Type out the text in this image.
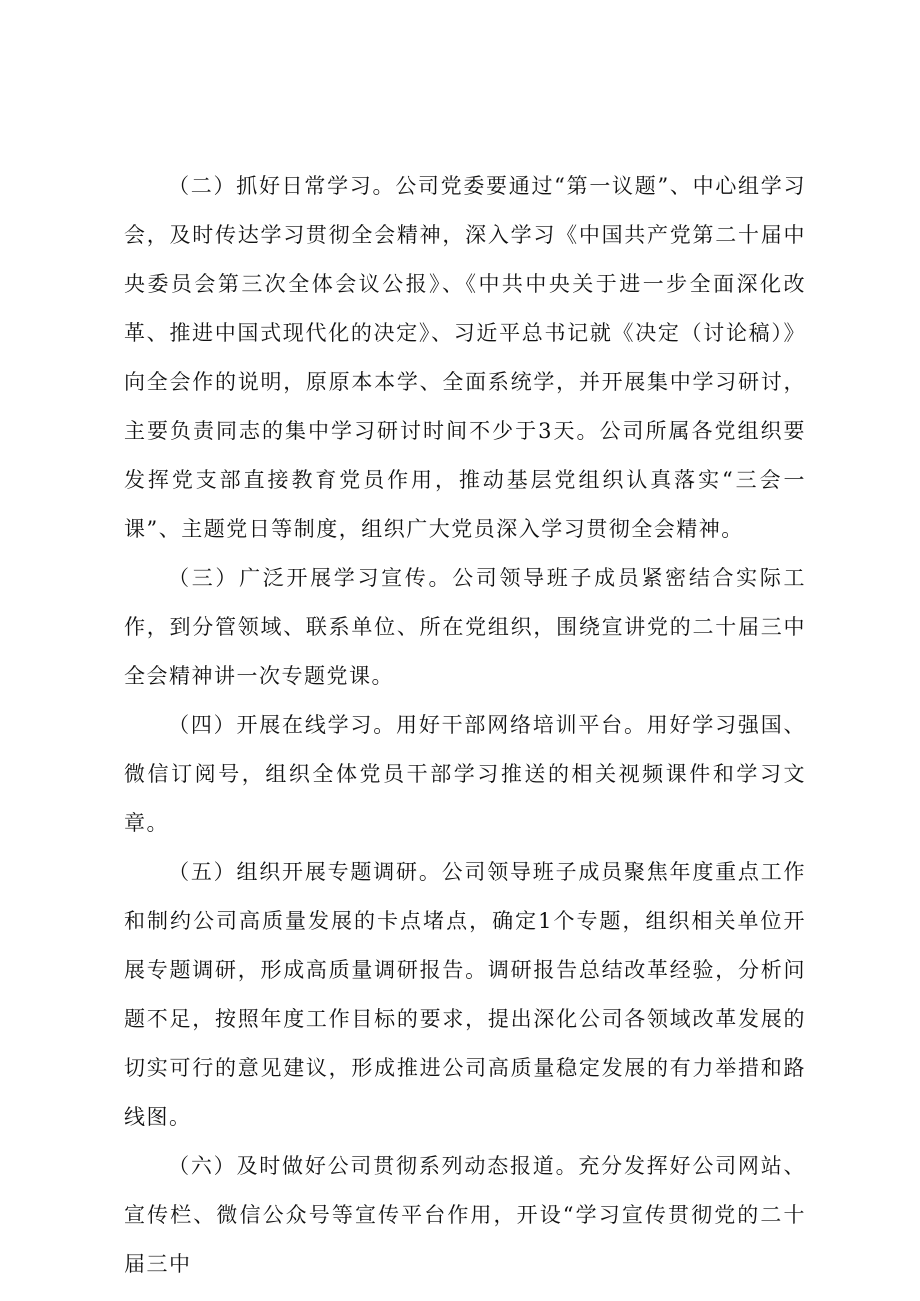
（二）抓好日常学习。公司党委要通过“第一议题”、中心组学习会，及时传达学习贯彻全会精神，深入学习《中国共产党第二十届中央委员会第三次全体会议公报》、《中共中央关于进一步全面深化改革、推进中国式现代化的决定》、习近平总书记就《决定（讨论稿）》向全会作的说明，原原本本学、全面系统学，并开展集中学习研讨，主要负责同志的集中学习研讨时间不少于3天。公司所属各党组织要发挥党支部直接教育党员作用，推动基层党组织认真落实“三会一课”、主题党日等制度，组织广大党员深入学习贯彻全会精神。

（三）广泛开展学习宣传。公司领导班子成员紧密结合实际工作，到分管领域、联系单位、所在党组织，围绕宣讲党的二十届三中全会精神讲一次专题党课。

（四）开展在线学习。用好干部网络培训平台。用好学习强国、微信订阅号，组织全体党员干部学习推送的相关视频课件和学习文章。

（五）组织开展专题调研。公司领导班子成员聚焦年度重点工作和制约公司高质量发展的卡点堵点，确定1个专题，组织相关单位开展专题调研，形成高质量调研报告。调研报告总结改革经验，分析问题不足，按照年度工作目标的要求，提出深化公司各领域改革发展的切实可行的意见建议，形成推进公司高质量稳定发展的有力举措和路线图。

（六）及时做好公司贯彻系列动态报道。充分发挥好公司网站、宣传栏、微信公众号等宣传平台作用，开设“学习宣传贯彻党的二十届三中
